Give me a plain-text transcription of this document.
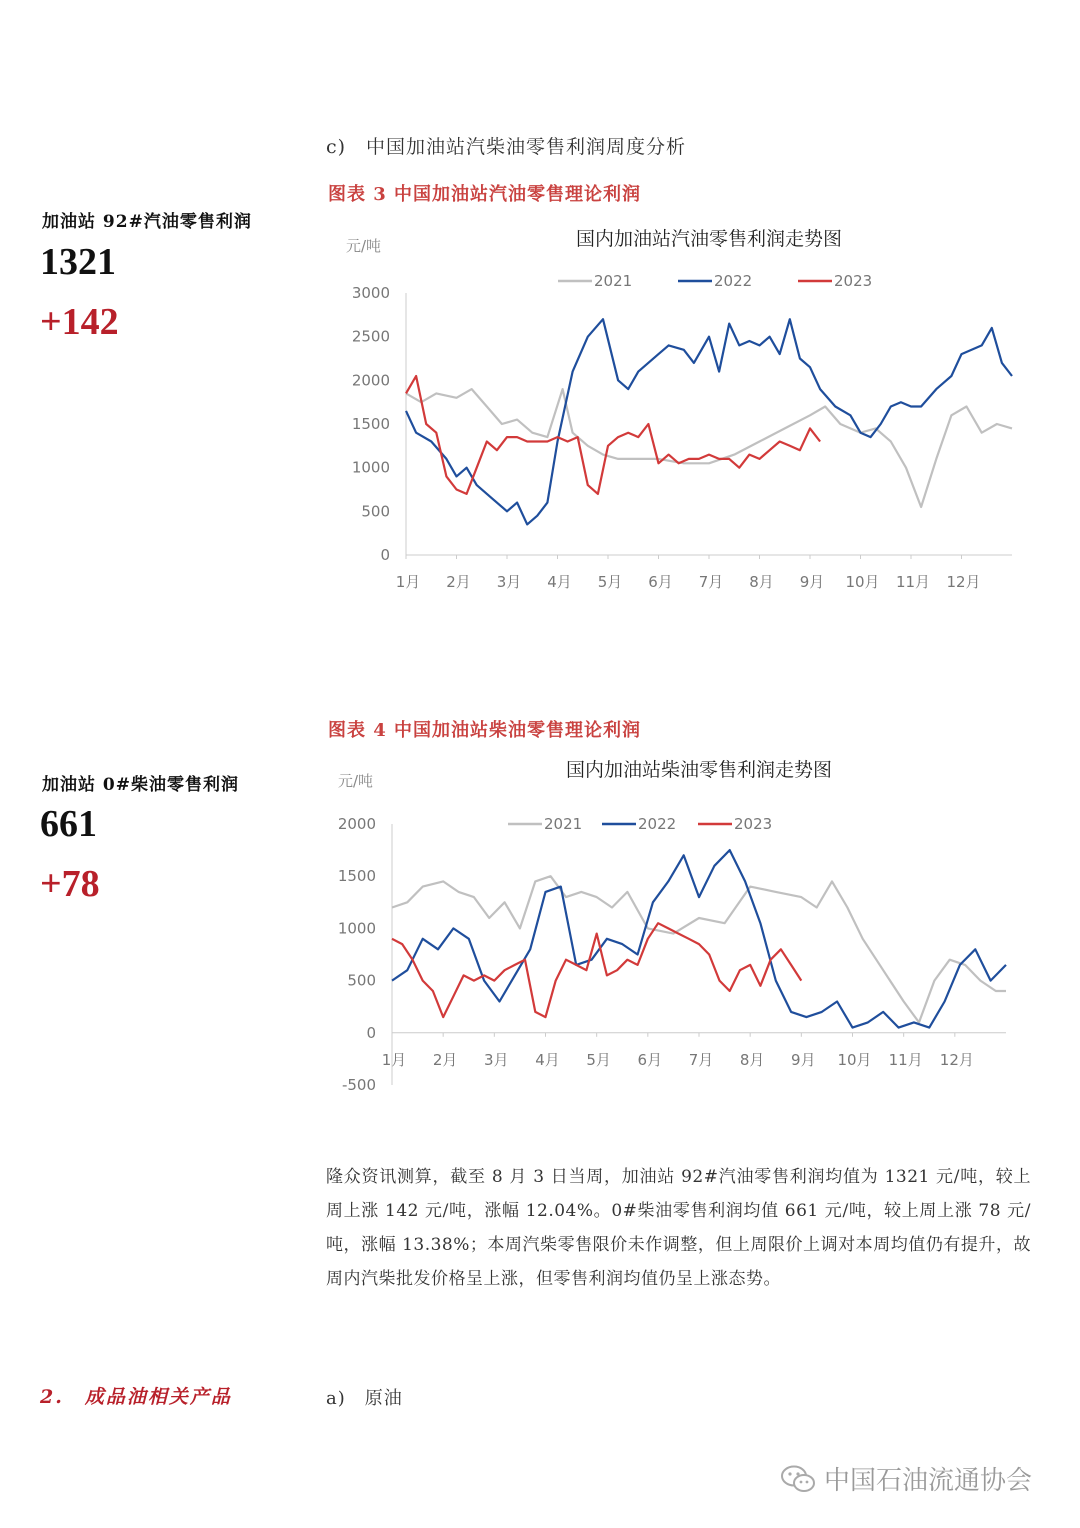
c)　中国加油站汽柴油零售利润周度分析
图表 3 中国加油站汽油零售理论利润
加油站 92#汽油零售利润
1321
+142
国内加油站汽油零售利润走势图
元/吨
0
500
1000
1500
2000
2500
3000
1月 2月 3月 4月 5月 6月 7月 8月 9月 10月 11月 12月
2021	2022	2023
图表 4 中国加油站柴油零售理论利润
加油站 0#柴油零售利润
661
+78
国内加油站柴油零售利润走势图
元/吨
-500
0
500
1000
1500
2000
1月 2月 3月 4月 5月 6月 7月 8月 9月 10月 11月 12月
2021	2022	2023
隆众资讯测算，截至 8 月 3 日当周，加油站 92#汽油零售利润均值为 1321 元/吨，较上周上涨 142 元/吨，涨幅 12.04%。0#柴油零售利润均值 661 元/吨，较上周上涨 78 元/吨，涨幅 13.38%；本周汽柴零售限价未作调整，但上周限价上调对本周均值仍有提升，故周内汽柴批发价格呈上涨，但零售利润均值仍呈上涨态势。
2.　成品油相关产品	a)　原油
中国石油流通协会
